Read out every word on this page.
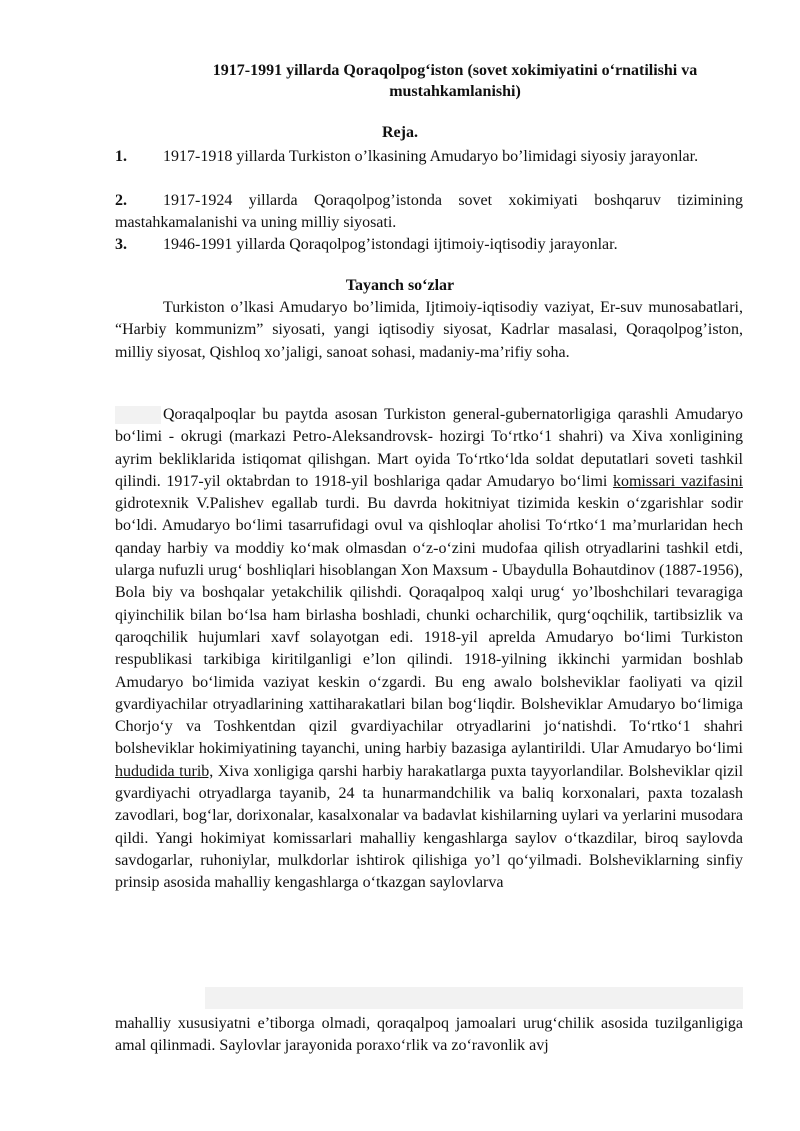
1917-1991 yillarda Qoraqolpog‘iston (sovet xokimiyatini o‘rnatilishi va mustahkamlanishi)
Reja.
1. 1917-1918 yillarda Turkiston o’lkasining Amudaryo bo’limidagi siyosiy jarayonlar.
2. 1917-1924 yillarda Qoraqolpog’istonda sovet xokimiyati boshqaruv tizimining mastahkamalanishi va uning milliy siyosati.
3. 1946-1991 yillarda Qoraqolpog’istondagi ijtimoiy-iqtisodiy jarayonlar.
Tayanch so‘zlar
Turkiston o’lkasi Amudaryo bo’limida, Ijtimoiy-iqtisodiy vaziyat, Er-suv munosabatlari, “Harbiy kommunizm” siyosati, yangi iqtisodiy siyosat, Kadrlar masalasi, Qoraqolpog’iston, milliy siyosat, Qishloq xo’jaligi, sanoat sohasi, madaniy-ma’rifiy soha.
Qoraqalpoqlar bu paytda asosan Turkiston general-gubernatorligiga qarashli Amudaryo bo‘limi - okrugi (markazi Petro-Aleksandrovsk- hozirgi To‘rtko‘1 shahri) va Xiva xonligining ayrim bekliklarida istiqomat qilishgan. Mart oyida To‘rtko‘lda soldat deputatlari soveti tashkil qilindi. 1917-yil oktabrdan to 1918-yil boshlariga qadar Amudaryo bo‘limi komissari vazifasini gidrotexnik V.Palishev egallab turdi. Bu davrda hokitniyat tizimida keskin o‘zgarishlar sodir bo‘ldi. Amudaryo bo‘limi tasarrufidagi ovul va qishloqlar aholisi To‘rtko‘1 ma’murlaridan hech qanday harbiy va moddiy ko‘mak olmasdan o‘z-o‘zini mudofaa qilish otryadlarini tashkil etdi, ularga nufuzli urug‘ boshliqlari hisoblangan Xon Maxsum - Ubaydulla Bohautdinov (1887-1956), Bola biy va boshqalar yetakchilik qilishdi. Qoraqalpoq xalqi urug‘ yo’lboshchilari tevaragiga qiyinchilik bilan bo‘lsa ham birlasha boshladi, chunki ocharchilik, qurg‘oqchilik, tartibsizlik va qaroqchilik hujumlari xavf solayotgan edi. 1918-yil aprelda Amudaryo bo‘limi Turkiston respublikasi tarkibiga kiritilganligi e’lon qilindi. 1918-yilning ikkinchi yarmidan boshlab Amudaryo bo‘limida vaziyat keskin o‘zgardi. Bu eng awalo bolsheviklar faoliyati va qizil gvardiyachilar otryadlarining xattiharakatlari bilan bog‘liqdir. Bolsheviklar Amudaryo bo‘limiga Chorjo‘y va Toshkentdan qizil gvardiyachilar otryadlarini jo‘natishdi. To‘rtko‘1 shahri bolsheviklar hokimiyatining tayanchi, uning harbiy bazasiga aylantirildi. Ular Amudaryo bo‘limi hududida turib, Xiva xonligiga qarshi harbiy harakatlarga puxta tayyorlandilar. Bolsheviklar qizil gvardiyachi otryadlarga tayanib, 24 ta hunarmandchilik va baliq korxonalari, paxta tozalash zavodlari, bog‘lar, dorixonalar, kasalxonalar va badavlat kishilarning uylari va yerlarini musodara qildi. Yangi hokimiyat komissarlari mahalliy kengashlarga saylov o‘tkazdilar, biroq saylovda savdogarlar, ruhoniylar, mulkdorlar ishtirok qilishiga yo’l qo‘yilmadi. Bolsheviklarning sinfiy prinsip asosida mahalliy kengashlarga o‘tkazgan saylovlarva
mahalliy xususiyatni e’tiborga olmadi, qoraqalpoq jamoalari urug‘chilik asosida tuzilganligiga amal qilinmadi. Saylovlar jarayonida poraxo‘rlik va zo‘ravonlik avj
